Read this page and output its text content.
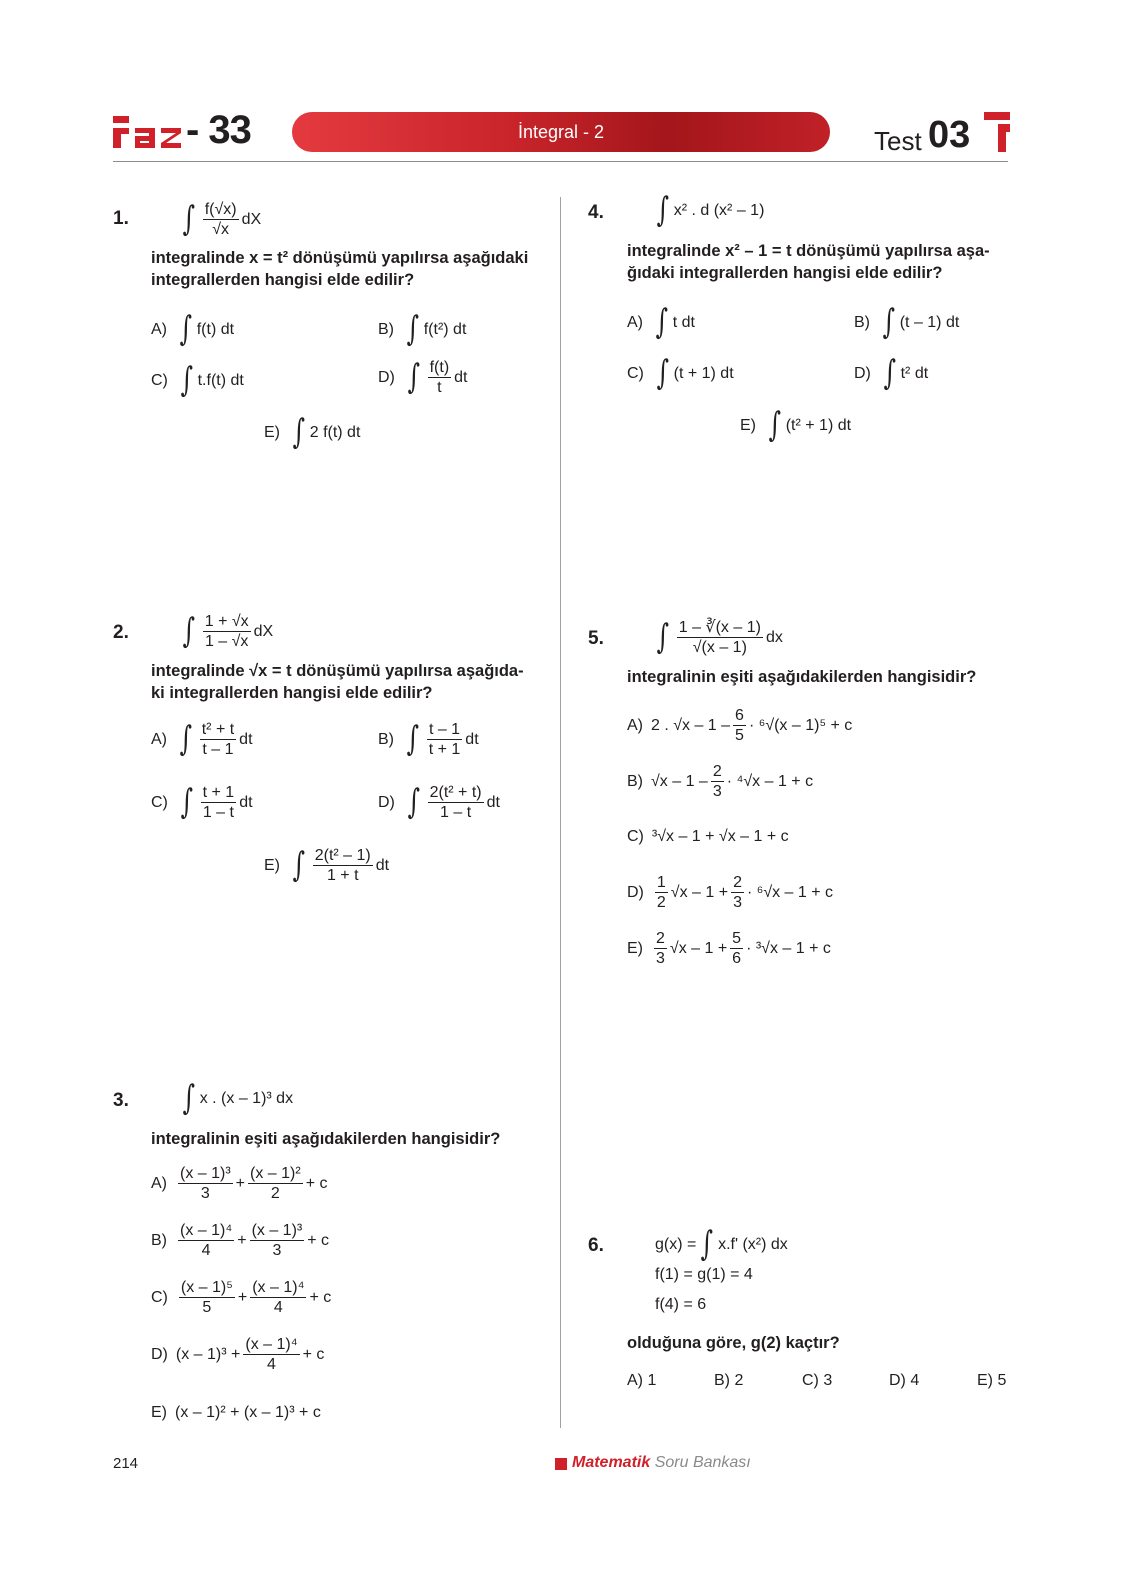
- 33	İntegral - 2	Test 03
1. ∫ $\frac{f(√x)}{√x}$ dX
integralinde x = t² dönüşümü yapılırsa aşağıdaki
integrallerden hangisi elde edilir?
A) ∫ f(t) dt	B) ∫ f(t²) dt
C) ∫ t.f(t) dt	D) ∫ $\frac{f(t)}{t}$ dt
E) ∫ 2 f(t) dt
2. ∫ $\frac{1 + √x}{1 - √x}$ dX
integralinde √x = t dönüşümü yapılırsa aşağıda-
ki integrallerden hangisi elde edilir?
A) ∫ $\frac{\text{t² + t}}{t - 1}$ dt	B) ∫ $\frac{t - 1}{t + 1}$ dt
C) ∫ $\frac{t + 1}{1 - t}$ dt	D) ∫ $\frac{\text{2(t² + t)}}{1 - t}$ dt
E) ∫ $\frac{\text{2(t² – 1)}}{1 + t}$ dt
3. ∫ x . (x – 1)³ dx
integralinin eşiti aşağıdakilerden hangisidir?
$A) \frac{\text{(x – 1)³}}{3} + \frac{\text{(x – 1)²}}{2} + c$
$B) \frac{\text{(x – 1)⁴}}{4} + \frac{\text{(x – 1)³}}{3} + c$
$C) \frac{\text{(x – 1)⁵}}{5} + \frac{\text{(x – 1)⁴}}{4} + c$
D) $(x - 1)^3 + \frac{\text{(x – 1)⁴}}{4} + c$
E) (x – 1)² + (x – 1)³ + c
4. ∫ x² . d (x² – 1)
integralinde x² – 1 = t dönüşümü yapılırsa aşa-
ğıdaki integrallerden hangisi elde edilir?
A) ∫ t dt	B) ∫ (t – 1) dt
C) ∫ (t + 1) dt	D) ∫ t² dt
E) ∫ (t² + 1) dt
5. ∫ $\frac{1 - ∛(x - 1)}{√(x - 1)}$ dx
integralinin eşiti aşağıdakilerden hangisidir?
A) 2 . $√x - 1 - \frac{6}{5} \cdot ^6√(x - 1)^5 + c$
B) $√x - 1 - \frac{2}{3} \cdot ^4√x - 1 + c$
C) ³√x – 1 + √x – 1 + c
$D) \frac{1}{2} √x - 1 + \frac{2}{3} \cdot ^6√x - 1 + c$
$E) \frac{2}{3} √x - 1 + \frac{5}{6} \cdot ^3√x - 1 + c$
6.	g(x) = ∫ x.f' (x²) dx
f(1) = g(1) = 4
f(4) = 6
olduğuna göre, g(2) kaçtır?
A) 1	B) 2	C) 3	D) 4	E) 5
214	Matematik Soru Bankası
